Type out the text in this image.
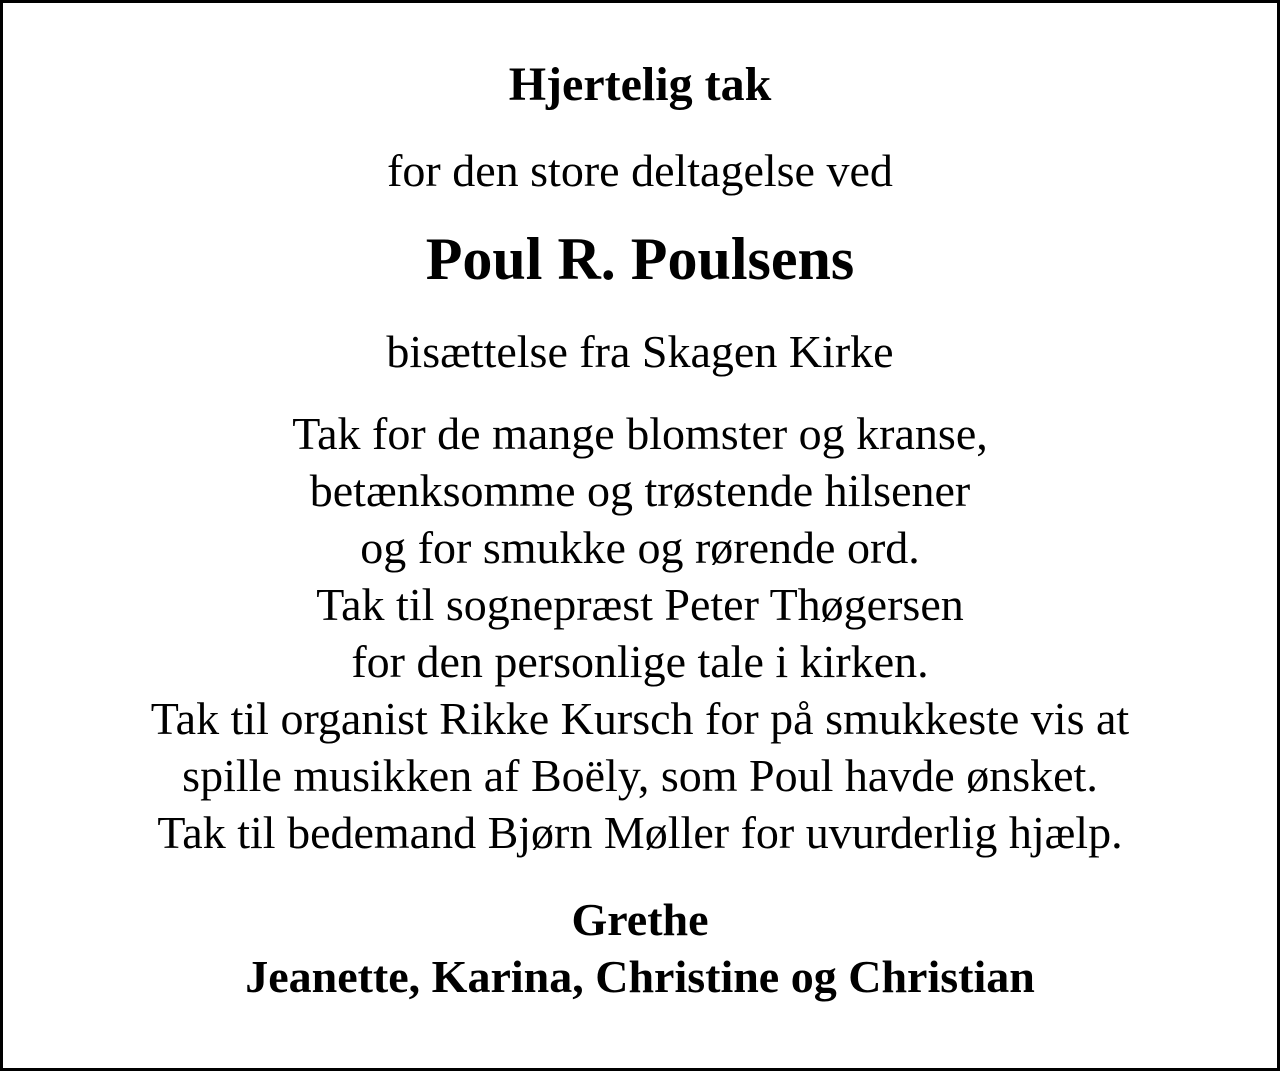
Hjertelig tak
for den store deltagelse ved
Poul R. Poulsens
bisættelse fra Skagen Kirke
Tak for de mange blomster og kranse,
betænksomme og trøstende hilsener
og for smukke og rørende ord.
Tak til sognepræst Peter Thøgersen
for den personlige tale i kirken.
Tak til organist Rikke Kursch for på smukkeste vis at
spille musikken af Boëly, som Poul havde ønsket.
Tak til bedemand Bjørn Møller for uvurderlig hjælp.
Grethe
Jeanette, Karina, Christine og Christian
